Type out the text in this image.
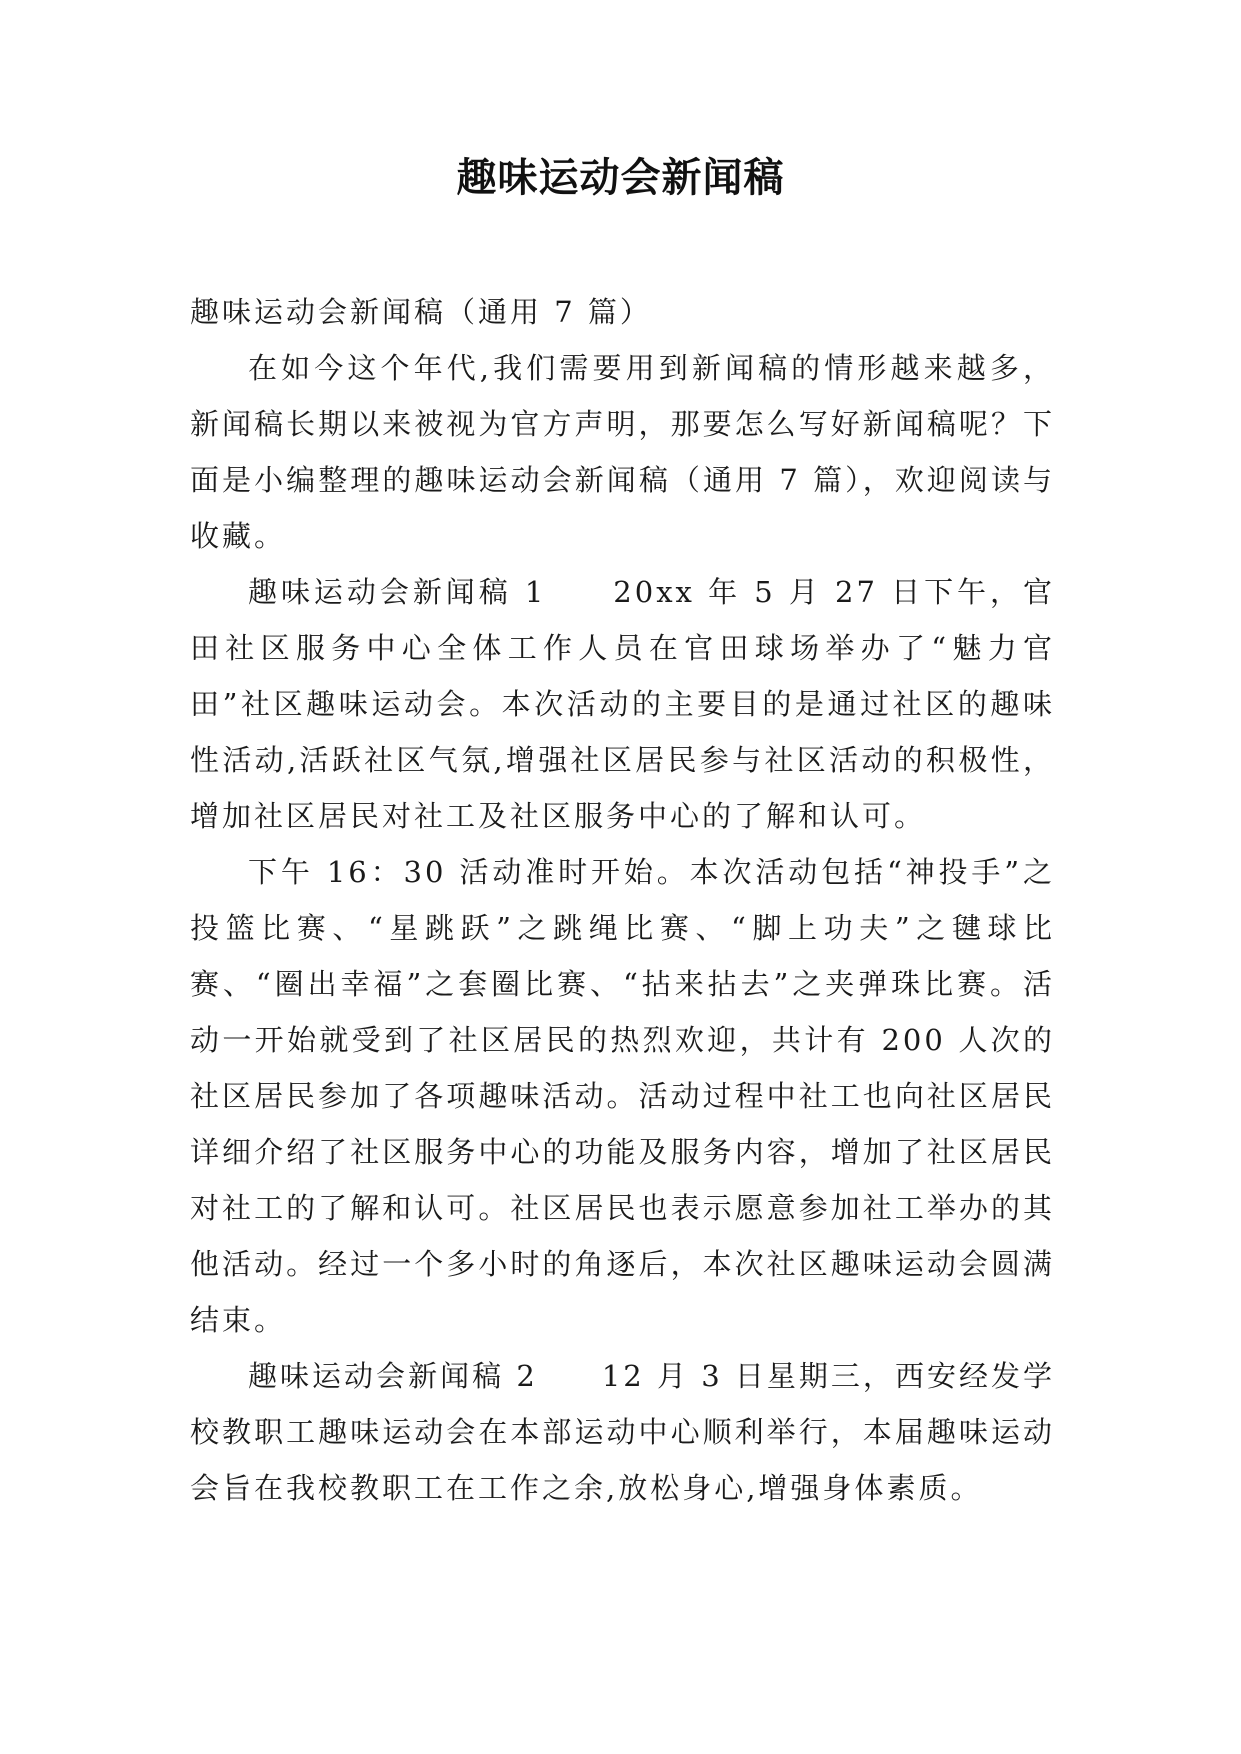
趣味运动会新闻稿

趣味运动会新闻稿（通用 7 篇）

在如今这个年代,我们需要用到新闻稿的情形越来越多，新闻稿长期以来被视为官方声明，那要怎么写好新闻稿呢？下面是小编整理的趣味运动会新闻稿（通用 7 篇），欢迎阅读与收藏。

趣味运动会新闻稿 1　　20xx 年 5 月 27 日下午，官田社区服务中心全体工作人员在官田球场举办了“魅力官田”社区趣味运动会。本次活动的主要目的是通过社区的趣味性活动,活跃社区气氛,增强社区居民参与社区活动的积极性，增加社区居民对社工及社区服务中心的了解和认可。

下午 16：30 活动准时开始。本次活动包括“神投手”之投篮比赛、“星跳跃”之跳绳比赛、“脚上功夫”之毽球比赛、“圈出幸福”之套圈比赛、“拈来拈去”之夹弹珠比赛。活动一开始就受到了社区居民的热烈欢迎，共计有 200 人次的社区居民参加了各项趣味活动。活动过程中社工也向社区居民详细介绍了社区服务中心的功能及服务内容，增加了社区居民对社工的了解和认可。社区居民也表示愿意参加社工举办的其他活动。经过一个多小时的角逐后，本次社区趣味运动会圆满结束。

趣味运动会新闻稿 2　　12 月 3 日星期三，西安经发学校教职工趣味运动会在本部运动中心顺利举行，本届趣味运动会旨在我校教职工在工作之余,放松身心,增强身体素质。
